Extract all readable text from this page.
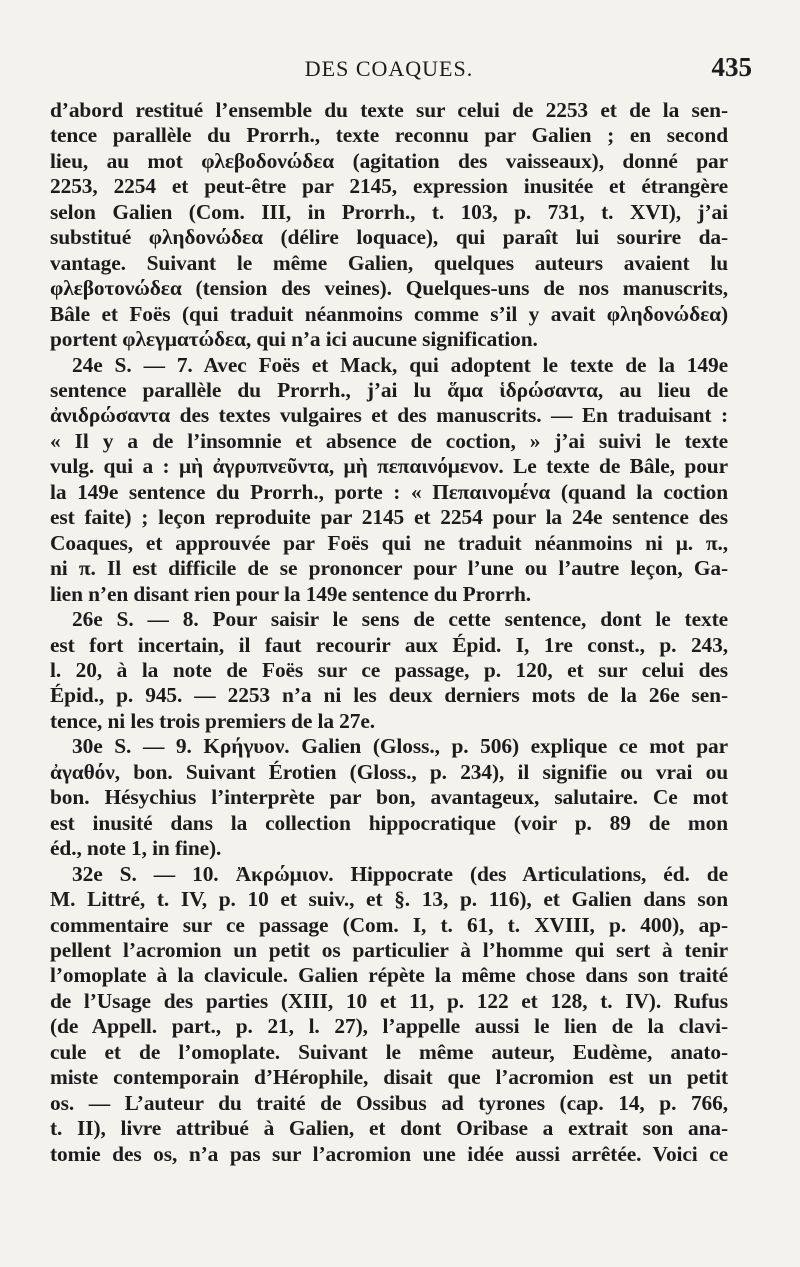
DES COAQUES.	435
d’abord restitué l’ensemble du texte sur celui de 2253 et de la sen-
tence parallèle du Prorrh., texte reconnu par Galien ; en second
lieu, au mot φλεβοδονώδεα (agitation des vaisseaux), donné par
2253, 2254 et peut-être par 2145, expression inusitée et étrangère
selon Galien (Com. III, in Prorrh., t. 103, p. 731, t. XVI), j’ai
substitué φληδονώδεα (délire loquace), qui paraît lui sourire da-
vantage. Suivant le même Galien, quelques auteurs avaient lu
φλεβοτονώδεα (tension des veines). Quelques-uns de nos manuscrits,
Bâle et Foës (qui traduit néanmoins comme s’il y avait φληδονώδεα)
portent φλεγματώδεα, qui n’a ici aucune signification.
24e S. — 7. Avec Foës et Mack, qui adoptent le texte de la 149e
sentence parallèle du Prorrh., j’ai lu ἅμα ἱδρώσαντα, au lieu de
ἀνιδρώσαντα des textes vulgaires et des manuscrits. — En traduisant :
« Il y a de l’insomnie et absence de coction, » j’ai suivi le texte
vulg. qui a : μὴ ἀγρυπνεῦντα, μὴ πεπαινόμενον. Le texte de Bâle, pour
la 149e sentence du Prorrh., porte : « Πεπαινομένα (quand la coction
est faite) ; leçon reproduite par 2145 et 2254 pour la 24e sentence des
Coaques, et approuvée par Foës qui ne traduit néanmoins ni μ. π.,
ni π. Il est difficile de se prononcer pour l’une ou l’autre leçon, Ga-
lien n’en disant rien pour la 149e sentence du Prorrh.
26e S. — 8. Pour saisir le sens de cette sentence, dont le texte
est fort incertain, il faut recourir aux Épid. I, 1re const., p. 243,
l. 20, à la note de Foës sur ce passage, p. 120, et sur celui des
Épid., p. 945. — 2253 n’a ni les deux derniers mots de la 26e sen-
tence, ni les trois premiers de la 27e.
30e S. — 9. Κρήγυον. Galien (Gloss., p. 506) explique ce mot par
ἀγαθόν, bon. Suivant Érotien (Gloss., p. 234), il signifie ou vrai ou
bon. Hésychius l’interprète par bon, avantageux, salutaire. Ce mot
est inusité dans la collection hippocratique (voir p. 89 de mon
éd., note 1, in fine).
32e S. — 10. Ἀκρώμιον. Hippocrate (des Articulations, éd. de
M. Littré, t. IV, p. 10 et suiv., et §. 13, p. 116), et Galien dans son
commentaire sur ce passage (Com. I, t. 61, t. XVIII, p. 400), ap-
pellent l’acromion un petit os particulier à l’homme qui sert à tenir
l’omoplate à la clavicule. Galien répète la même chose dans son traité
de l’Usage des parties (XIII, 10 et 11, p. 122 et 128, t. IV). Rufus
(de Appell. part., p. 21, l. 27), l’appelle aussi le lien de la clavi-
cule et de l’omoplate. Suivant le même auteur, Eudème, anato-
miste contemporain d’Hérophile, disait que l’acromion est un petit
os. — L’auteur du traité de Ossibus ad tyrones (cap. 14, p. 766,
t. II), livre attribué à Galien, et dont Oribase a extrait son ana-
tomie des os, n’a pas sur l’acromion une idée aussi arrêtée. Voici ce
